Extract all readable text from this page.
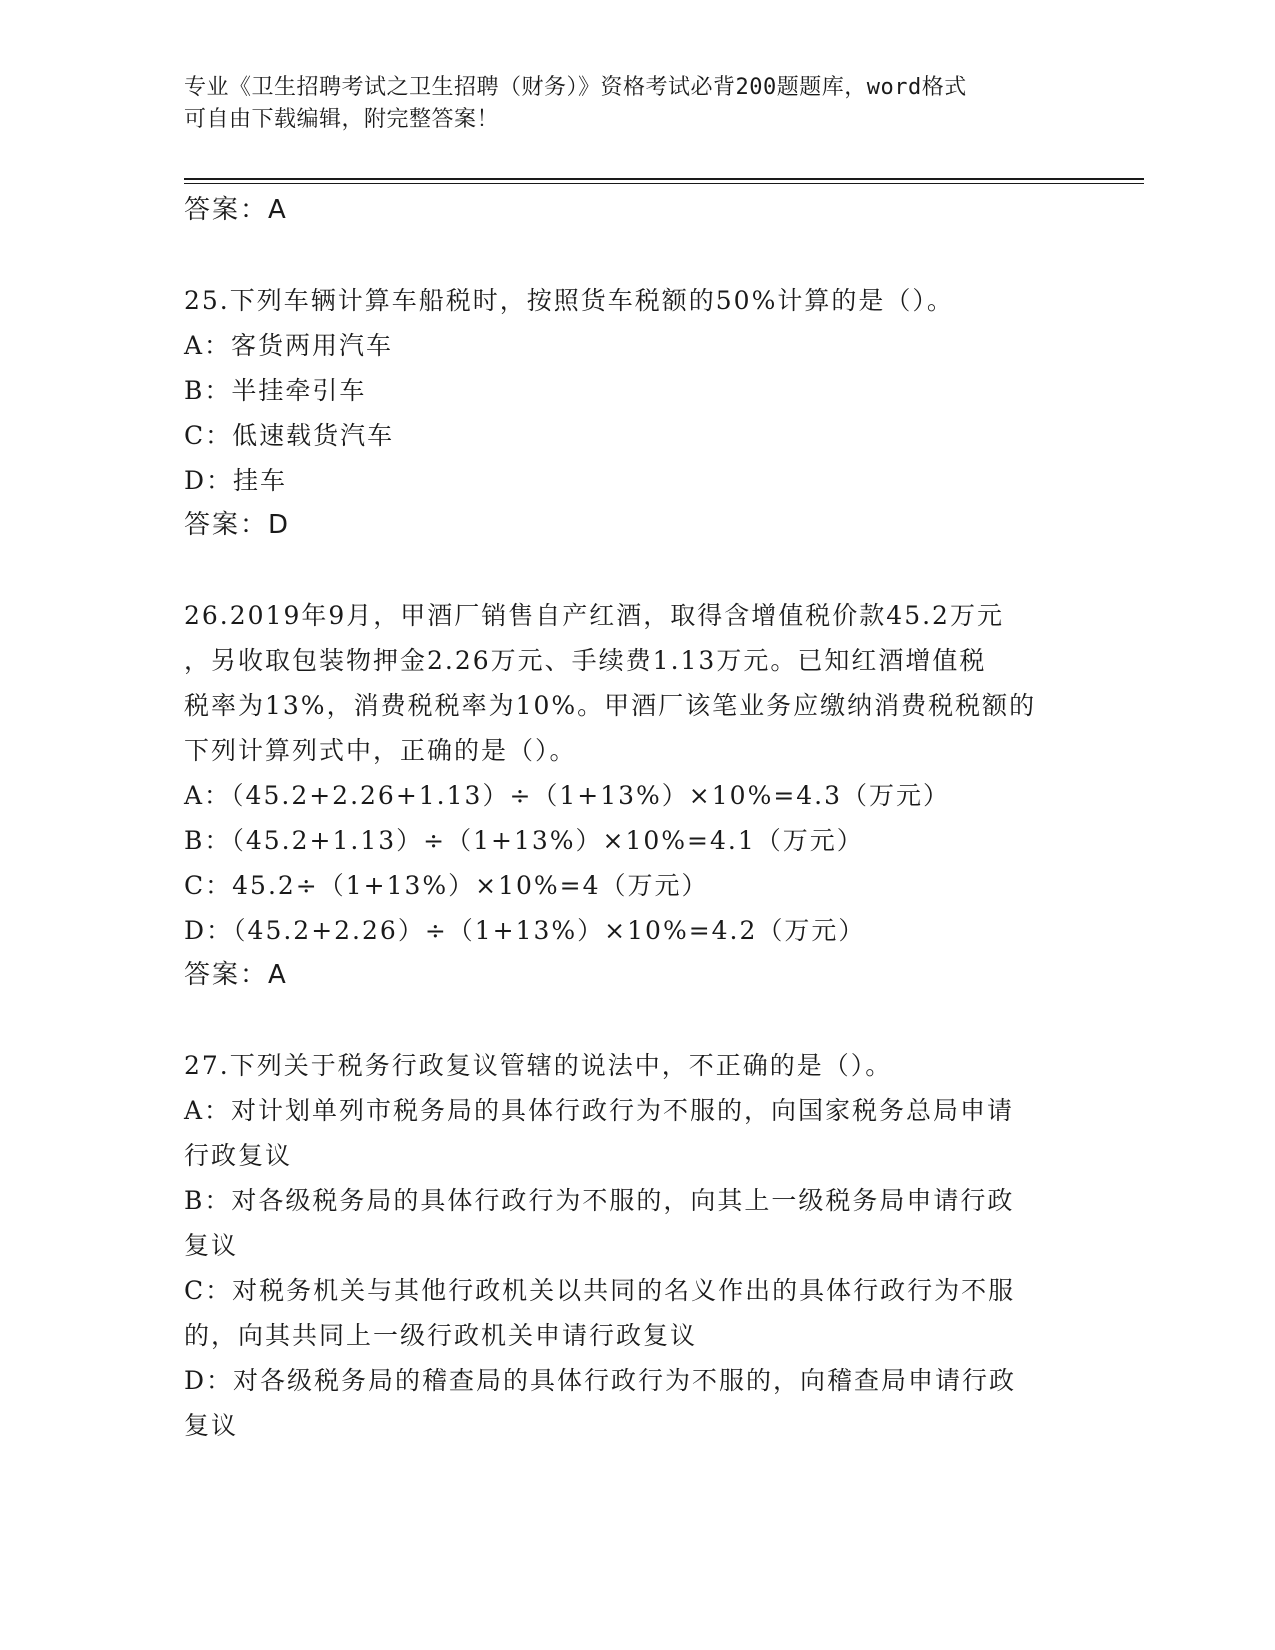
专业《卫生招聘考试之卫生招聘（财务）》资格考试必背200题题库，word格式
可自由下载编辑，附完整答案！
答案：A
25.下列车辆计算车船税时，按照货车税额的50%计算的是（）。
A：客货两用汽车
B：半挂牵引车
C：低速载货汽车
D：挂车
答案：D
26.2019年9月，甲酒厂销售自产红酒，取得含增值税价款45.2万元
，另收取包装物押金2.26万元、手续费1.13万元。已知红酒增值税
税率为13%，消费税税率为10%。甲酒厂该笔业务应缴纳消费税税额的
下列计算列式中，正确的是（）。
A：（45.2+2.26+1.13）÷（1+13%）×10%=4.3（万元）
B：（45.2+1.13）÷（1+13%）×10%=4.1（万元）
C：45.2÷（1+13%）×10%=4（万元）
D：（45.2+2.26）÷（1+13%）×10%=4.2（万元）
答案：A
27.下列关于税务行政复议管辖的说法中，不正确的是（）。
A：对计划单列市税务局的具体行政行为不服的，向国家税务总局申请
行政复议
B：对各级税务局的具体行政行为不服的，向其上一级税务局申请行政
复议
C：对税务机关与其他行政机关以共同的名义作出的具体行政行为不服
的，向其共同上一级行政机关申请行政复议
D：对各级税务局的稽查局的具体行政行为不服的，向稽查局申请行政
复议
